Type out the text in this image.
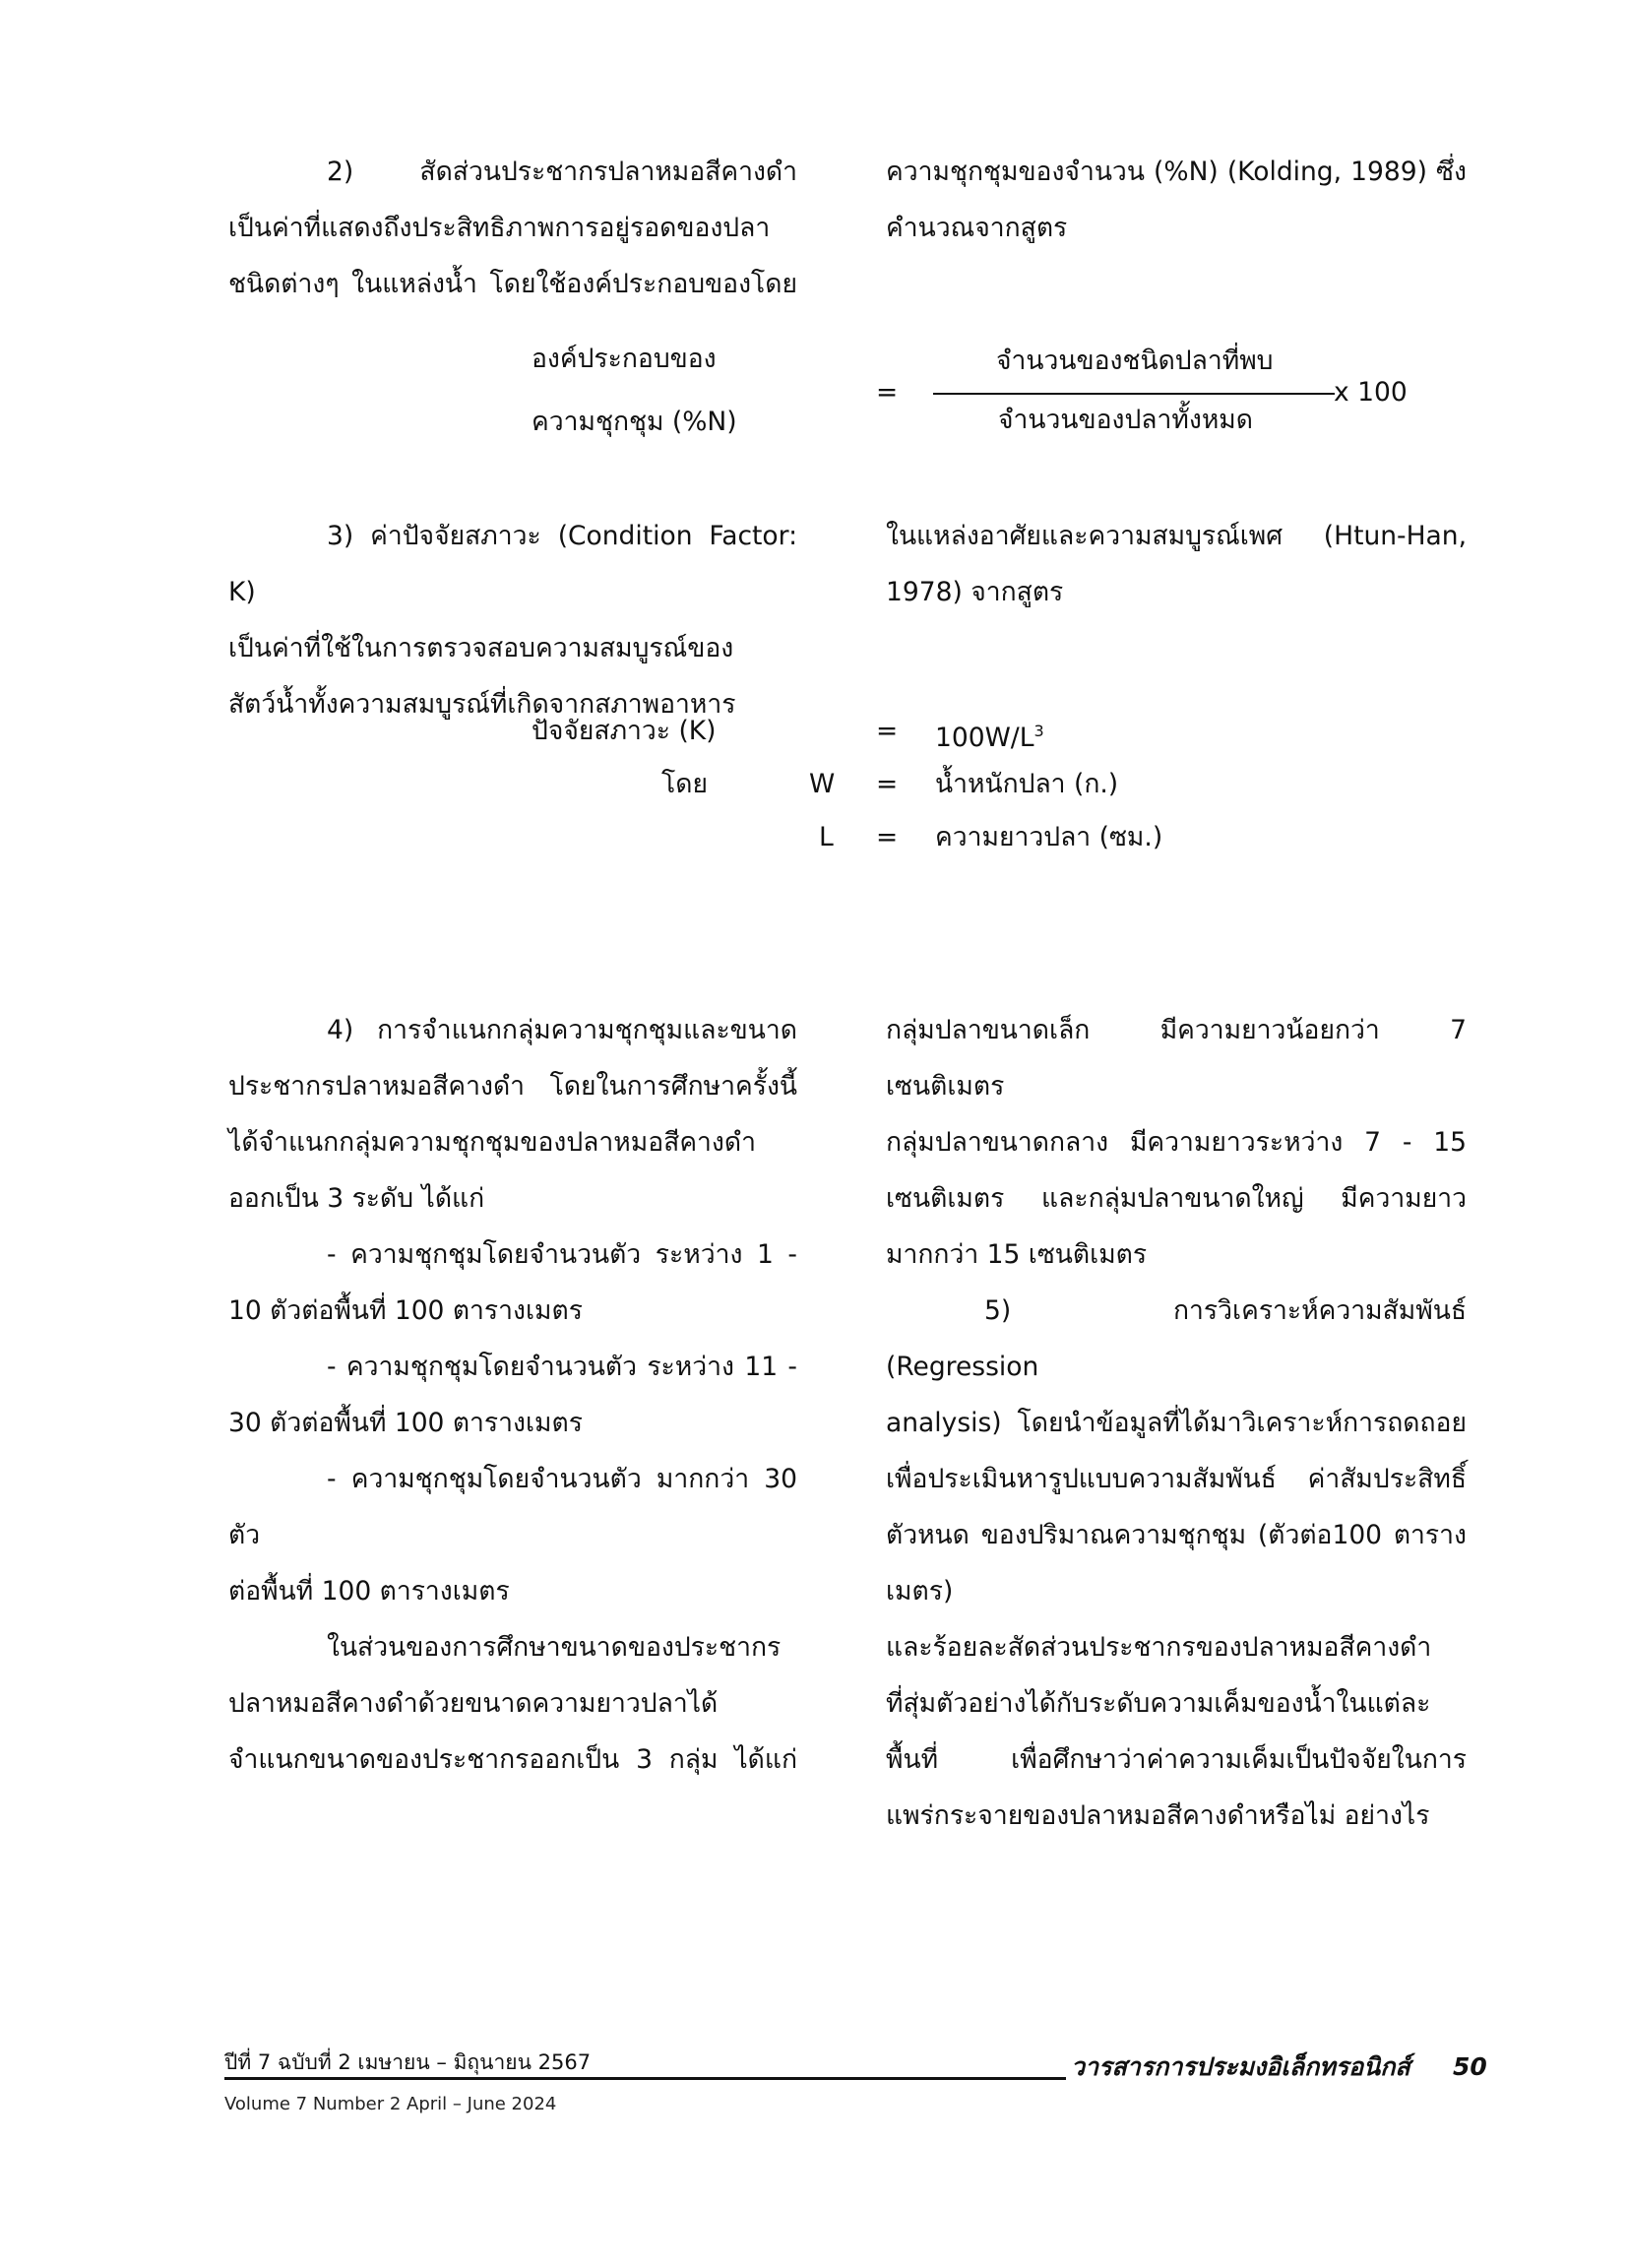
2) สัดส่วนประชากรปลาหมอสีคางดำ

เป็นค่าที่แสดงถึงประสิทธิภาพการอยู่รอดของปลา

ชนิดต่างๆ ในแหล่งน้ำ โดยใช้องค์ประกอบของโดย

ความชุกชุมของจำนวน (%N) (Kolding, 1989) ซึ่ง

คำนวณจากสูตร

องค์ประกอบของ
ความชุกชุม (%N)
=
จำนวนของชนิดปลาที่พบ
จำนวนของปลาทั้งหมด
x 100

3) ค่าปัจจัยสภาวะ (Condition Factor: K)

เป็นค่าที่ใช้ในการตรวจสอบความสมบูรณ์ของ

สัตว์น้ำทั้งความสมบูรณ์ที่เกิดจากสภาพอาหาร

ในแหล่งอาศัยและความสมบูรณ์เพศ (Htun-Han,

1978) จากสูตร

ปัจจัยสภาวะ (K)	= $100W/L^3$
โดย	W = น้ำหนักปลา (ก.)
L = ความยาวปลา (ซม.)

4) การจำแนกกลุ่มความชุกชุมและขนาด

ประชากรปลาหมอสีคางดำ โดยในการศึกษาครั้งนี้

ได้จำแนกกลุ่มความชุกชุมของปลาหมอสีคางดำ

ออกเป็น 3 ระดับ ได้แก่

- ความชุกชุมโดยจำนวนตัว ระหว่าง 1 -

10 ตัวต่อพื้นที่ 100 ตารางเมตร

- ความชุกชุมโดยจำนวนตัว ระหว่าง 11 -

30 ตัวต่อพื้นที่ 100 ตารางเมตร

- ความชุกชุมโดยจำนวนตัว มากกว่า 30 ตัว

ต่อพื้นที่ 100 ตารางเมตร

ในส่วนของการศึกษาขนาดของประชากร

ปลาหมอสีคางดำด้วยขนาดความยาวปลาได้

จำแนกขนาดของประชากรออกเป็น 3 กลุ่ม ได้แก่

กลุ่มปลาขนาดเล็ก มีความยาวน้อยกว่า 7 เซนติเมตร

กลุ่มปลาขนาดกลาง มีความยาวระหว่าง 7 - 15

เซนติเมตร และกลุ่มปลาขนาดใหญ่ มีความยาว

มากกว่า 15 เซนติเมตร

5) การวิเคราะห์ความสัมพันธ์ (Regression

analysis) โดยนำข้อมูลที่ได้มาวิเคราะห์การถดถอย

เพื่อประเมินหารูปแบบความสัมพันธ์ ค่าสัมประสิทธิ์

ตัวหนด ของปริมาณความชุกชุม (ตัวต่อ100 ตารางเมตร)

และร้อยละสัดส่วนประชากรของปลาหมอสีคางดำ

ที่สุ่มตัวอย่างได้กับระดับความเค็มของน้ำในแต่ละ

พื้นที่ เพื่อศึกษาว่าค่าความเค็มเป็นปัจจัยในการ

แพร่กระจายของปลาหมอสีคางดำหรือไม่ อย่างไร

ปีที่ 7 ฉบับที่ 2 เมษายน – มิถุนายน 2567
Volume 7 Number 2 April – June 2024
วารสารการประมงอิเล็กทรอนิกส์ 50
